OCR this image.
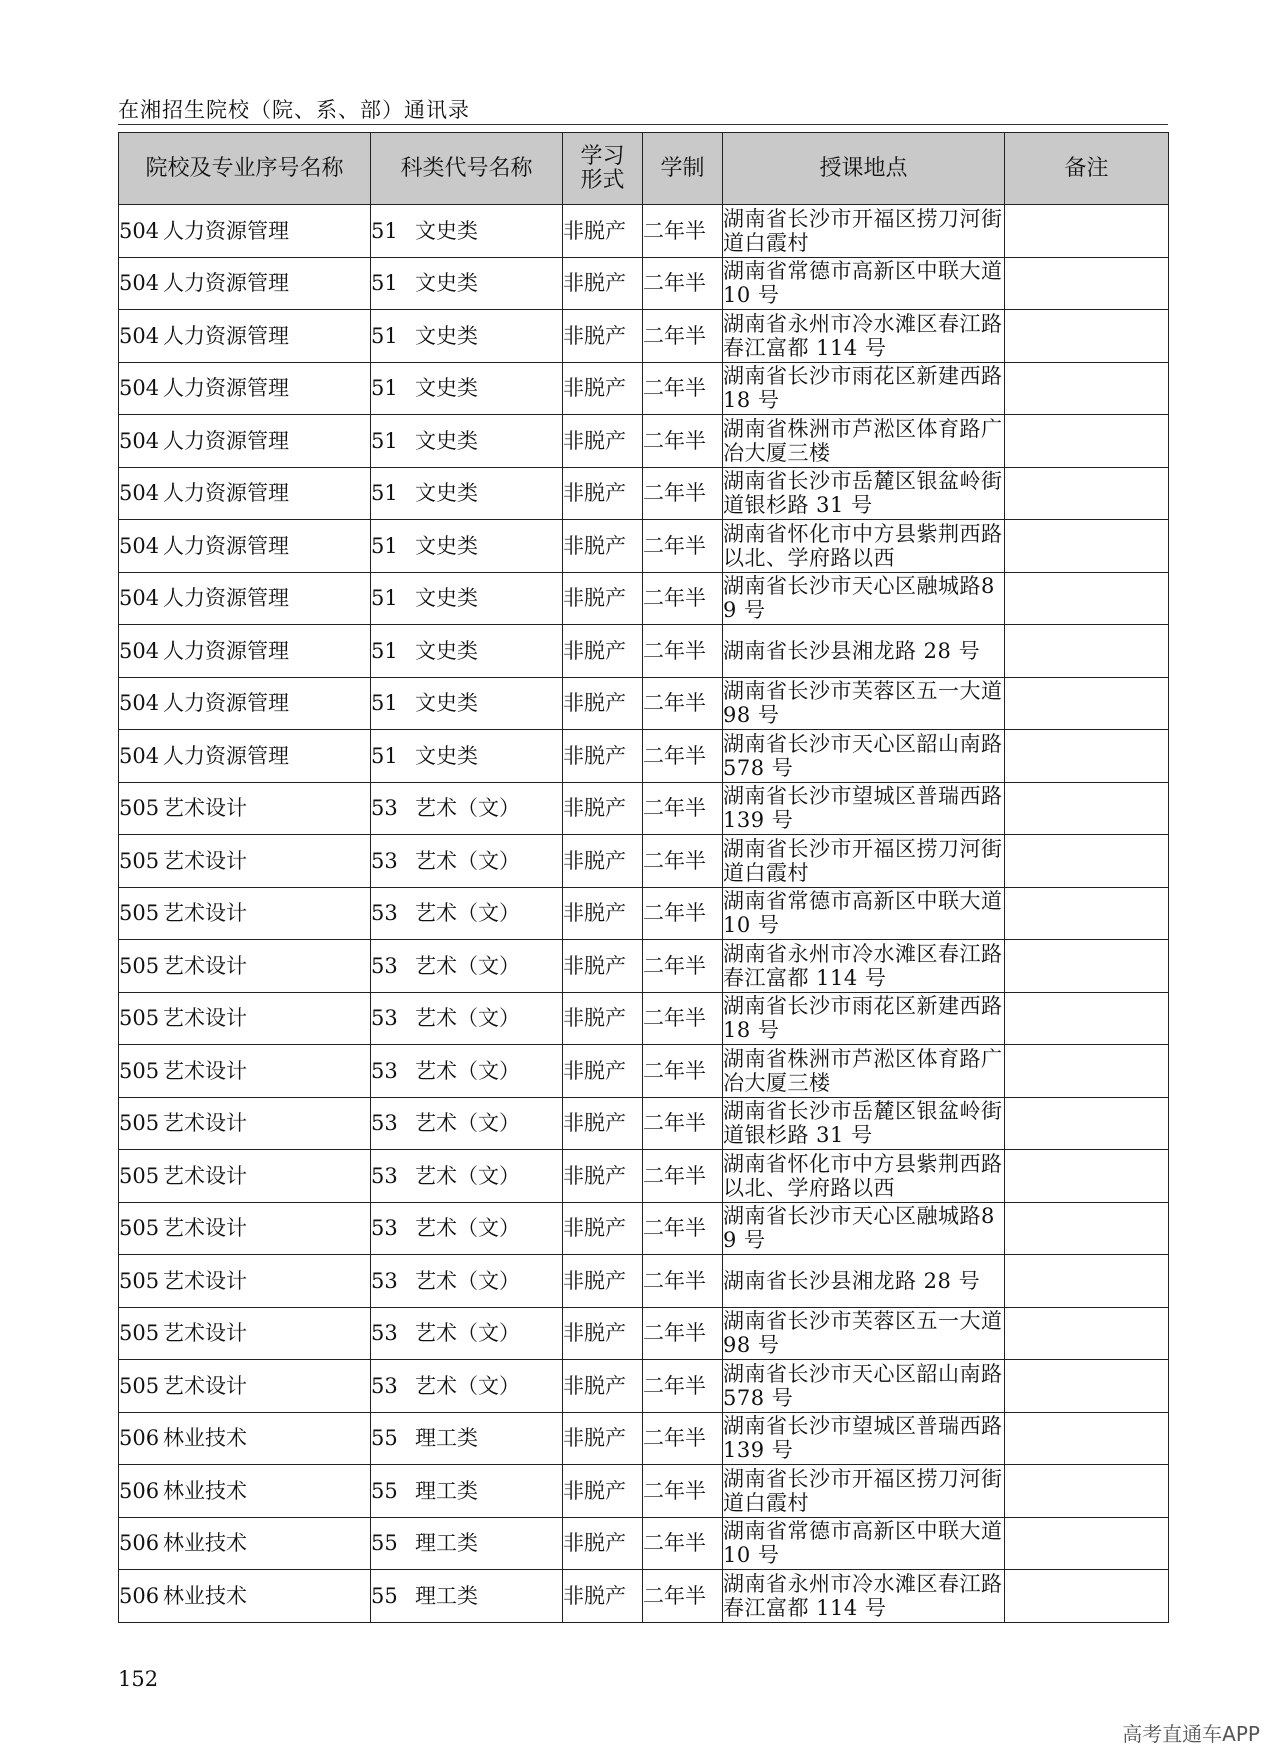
在湘招生院校（院、系、部）通讯录
院校及专业序号名称	科类代号名称	学习形式	学制	授课地点	备注
504 人力资源管理	51 文史类	非脱产	二年半	湖南省长沙市开福区捞刀河街道白霞村	
504 人力资源管理	51 文史类	非脱产	二年半	湖南省常德市高新区中联大道 10 号	
504 人力资源管理	51 文史类	非脱产	二年半	湖南省永州市冷水滩区春江路春江富都 114 号	
504 人力资源管理	51 文史类	非脱产	二年半	湖南省长沙市雨花区新建西路 18 号	
504 人力资源管理	51 文史类	非脱产	二年半	湖南省株洲市芦淞区体育路广冶大厦三楼	
504 人力资源管理	51 文史类	非脱产	二年半	湖南省长沙市岳麓区银盆岭街道银杉路 31 号	
504 人力资源管理	51 文史类	非脱产	二年半	湖南省怀化市中方县紫荆西路以北、学府路以西	
504 人力资源管理	51 文史类	非脱产	二年半	湖南省长沙市天心区融城路89 号	
504 人力资源管理	51 文史类	非脱产	二年半	湖南省长沙县湘龙路 28 号	
504 人力资源管理	51 文史类	非脱产	二年半	湖南省长沙市芙蓉区五一大道 98 号	
504 人力资源管理	51 文史类	非脱产	二年半	湖南省长沙市天心区韶山南路 578 号	
505 艺术设计	53 艺术（文）	非脱产	二年半	湖南省长沙市望城区普瑞西路 139 号	
505 艺术设计	53 艺术（文）	非脱产	二年半	湖南省长沙市开福区捞刀河街道白霞村	
505 艺术设计	53 艺术（文）	非脱产	二年半	湖南省常德市高新区中联大道 10 号	
505 艺术设计	53 艺术（文）	非脱产	二年半	湖南省永州市冷水滩区春江路春江富都 114 号	
505 艺术设计	53 艺术（文）	非脱产	二年半	湖南省长沙市雨花区新建西路 18 号	
505 艺术设计	53 艺术（文）	非脱产	二年半	湖南省株洲市芦淞区体育路广冶大厦三楼	
505 艺术设计	53 艺术（文）	非脱产	二年半	湖南省长沙市岳麓区银盆岭街道银杉路 31 号	
505 艺术设计	53 艺术（文）	非脱产	二年半	湖南省怀化市中方县紫荆西路以北、学府路以西	
505 艺术设计	53 艺术（文）	非脱产	二年半	湖南省长沙市天心区融城路89 号	
505 艺术设计	53 艺术（文）	非脱产	二年半	湖南省长沙县湘龙路 28 号	
505 艺术设计	53 艺术（文）	非脱产	二年半	湖南省长沙市芙蓉区五一大道 98 号	
505 艺术设计	53 艺术（文）	非脱产	二年半	湖南省长沙市天心区韶山南路 578 号	
506 林业技术	55 理工类	非脱产	二年半	湖南省长沙市望城区普瑞西路 139 号	
506 林业技术	55 理工类	非脱产	二年半	湖南省长沙市开福区捞刀河街道白霞村	
506 林业技术	55 理工类	非脱产	二年半	湖南省常德市高新区中联大道 10 号	
506 林业技术	55 理工类	非脱产	二年半	湖南省永州市冷水滩区春江路春江富都 114 号	
152
高考直通车APP
